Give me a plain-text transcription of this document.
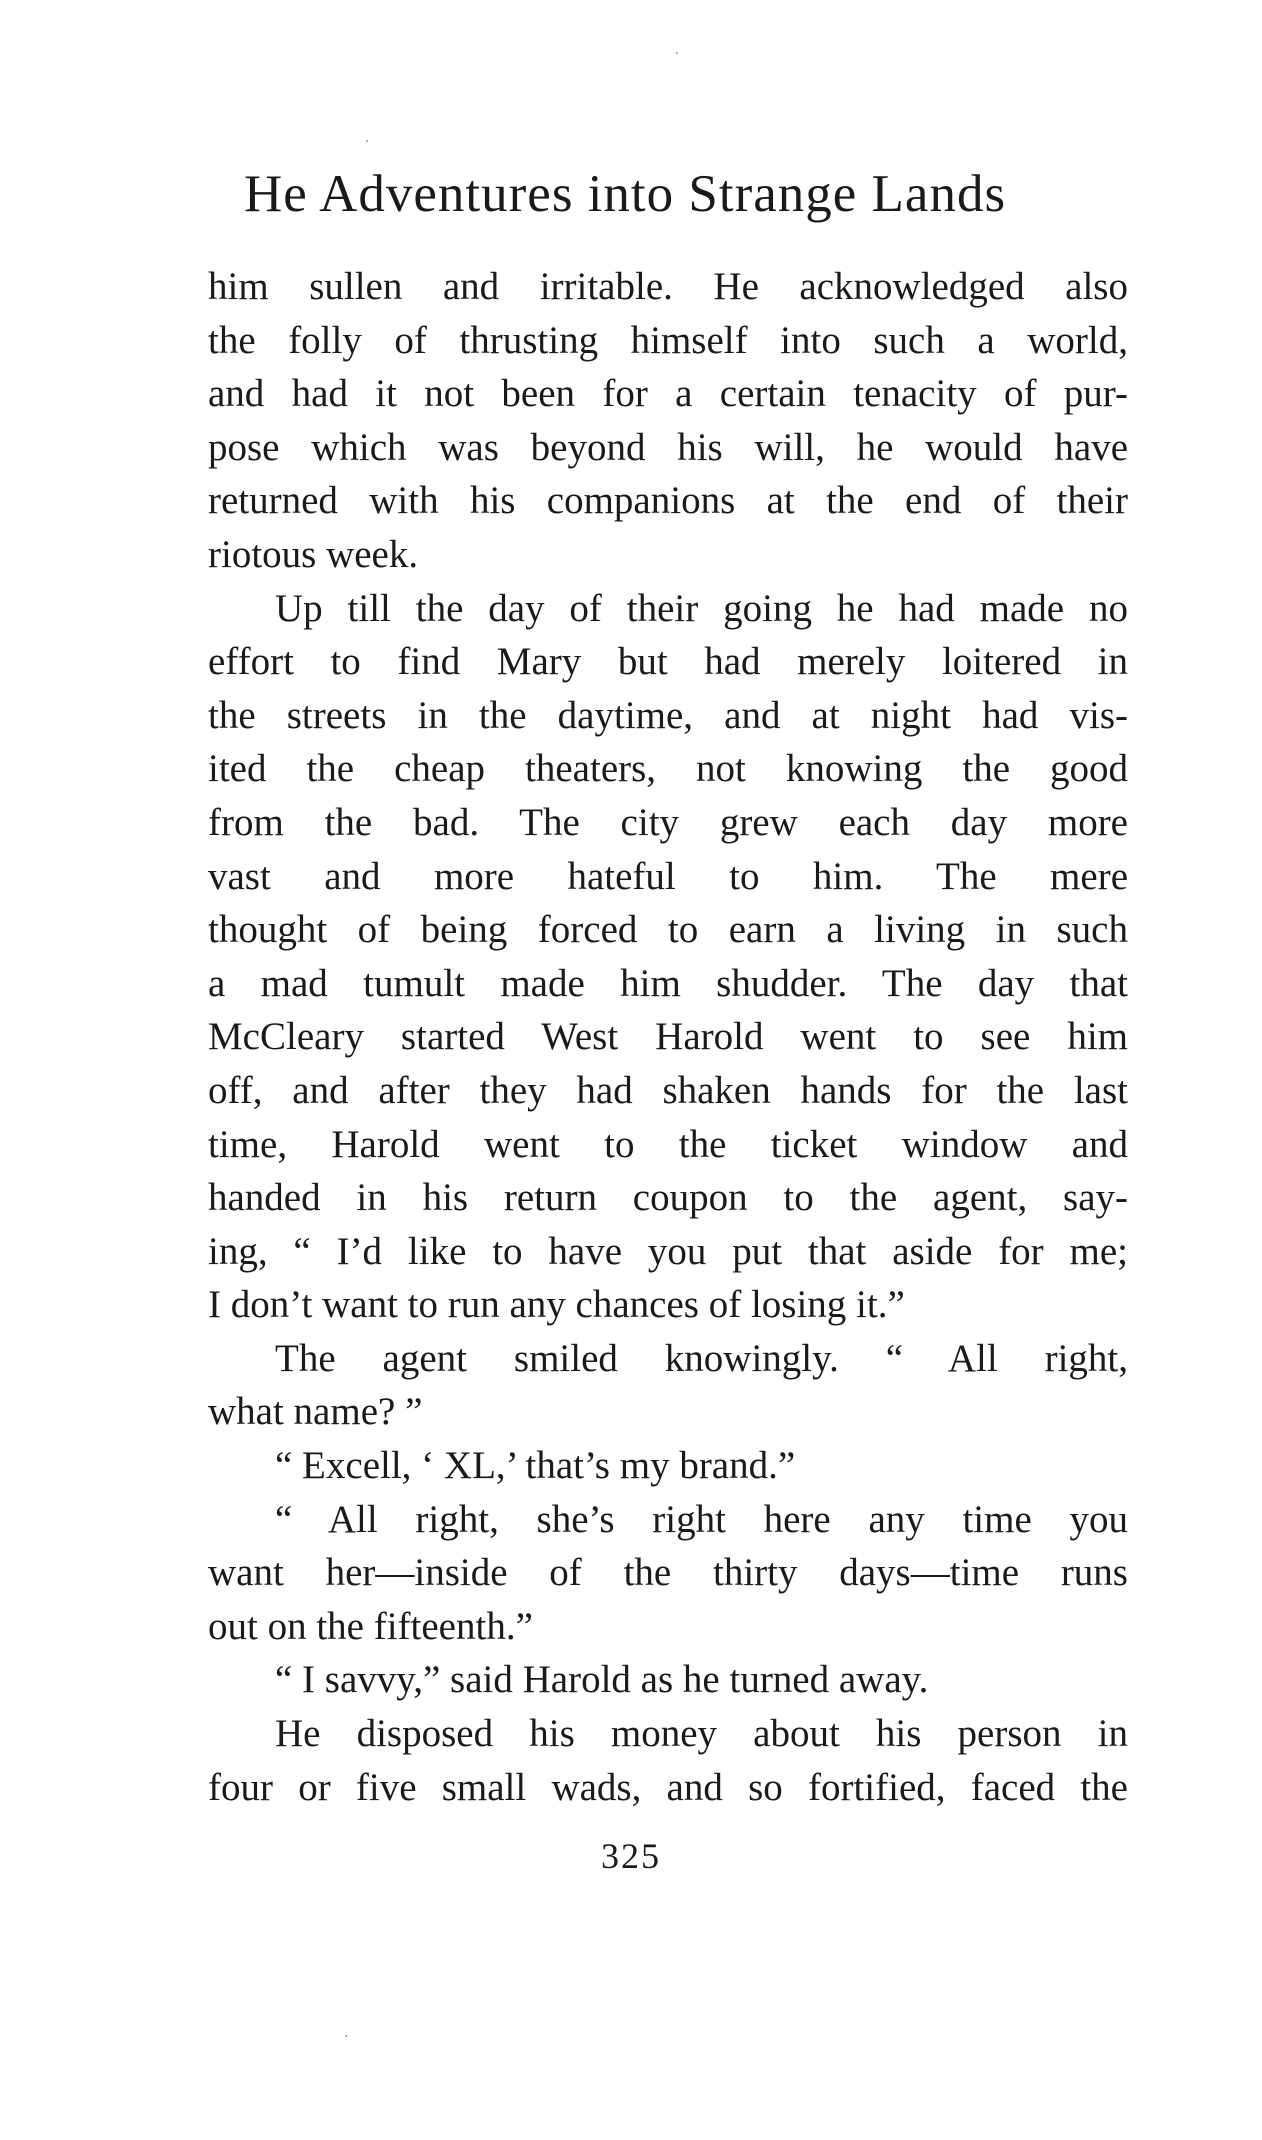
He Adventures into Strange Lands
him sullen and irritable. He acknowledged also
the folly of thrusting himself into such a world,
and had it not been for a certain tenacity of pur-
pose which was beyond his will, he would have
returned with his companions at the end of their
riotous week.
Up till the day of their going he had made no
effort to find Mary but had merely loitered in
the streets in the daytime, and at night had vis-
ited the cheap theaters, not knowing the good
from the bad. The city grew each day more
vast and more hateful to him. The mere
thought of being forced to earn a living in such
a mad tumult made him shudder. The day that
McCleary started West Harold went to see him
off, and after they had shaken hands for the last
time, Harold went to the ticket window and
handed in his return coupon to the agent, say-
ing, “ I’d like to have you put that aside for me;
I don’t want to run any chances of losing it.”
The agent smiled knowingly. “ All right,
what name? ”
“ Excell, ‘ XL,’ that’s my brand.”
“ All right, she’s right here any time you
want her—inside of the thirty days—time runs
out on the fifteenth.”
“ I savvy,” said Harold as he turned away.
He disposed his money about his person in
four or five small wads, and so fortified, faced the
325
